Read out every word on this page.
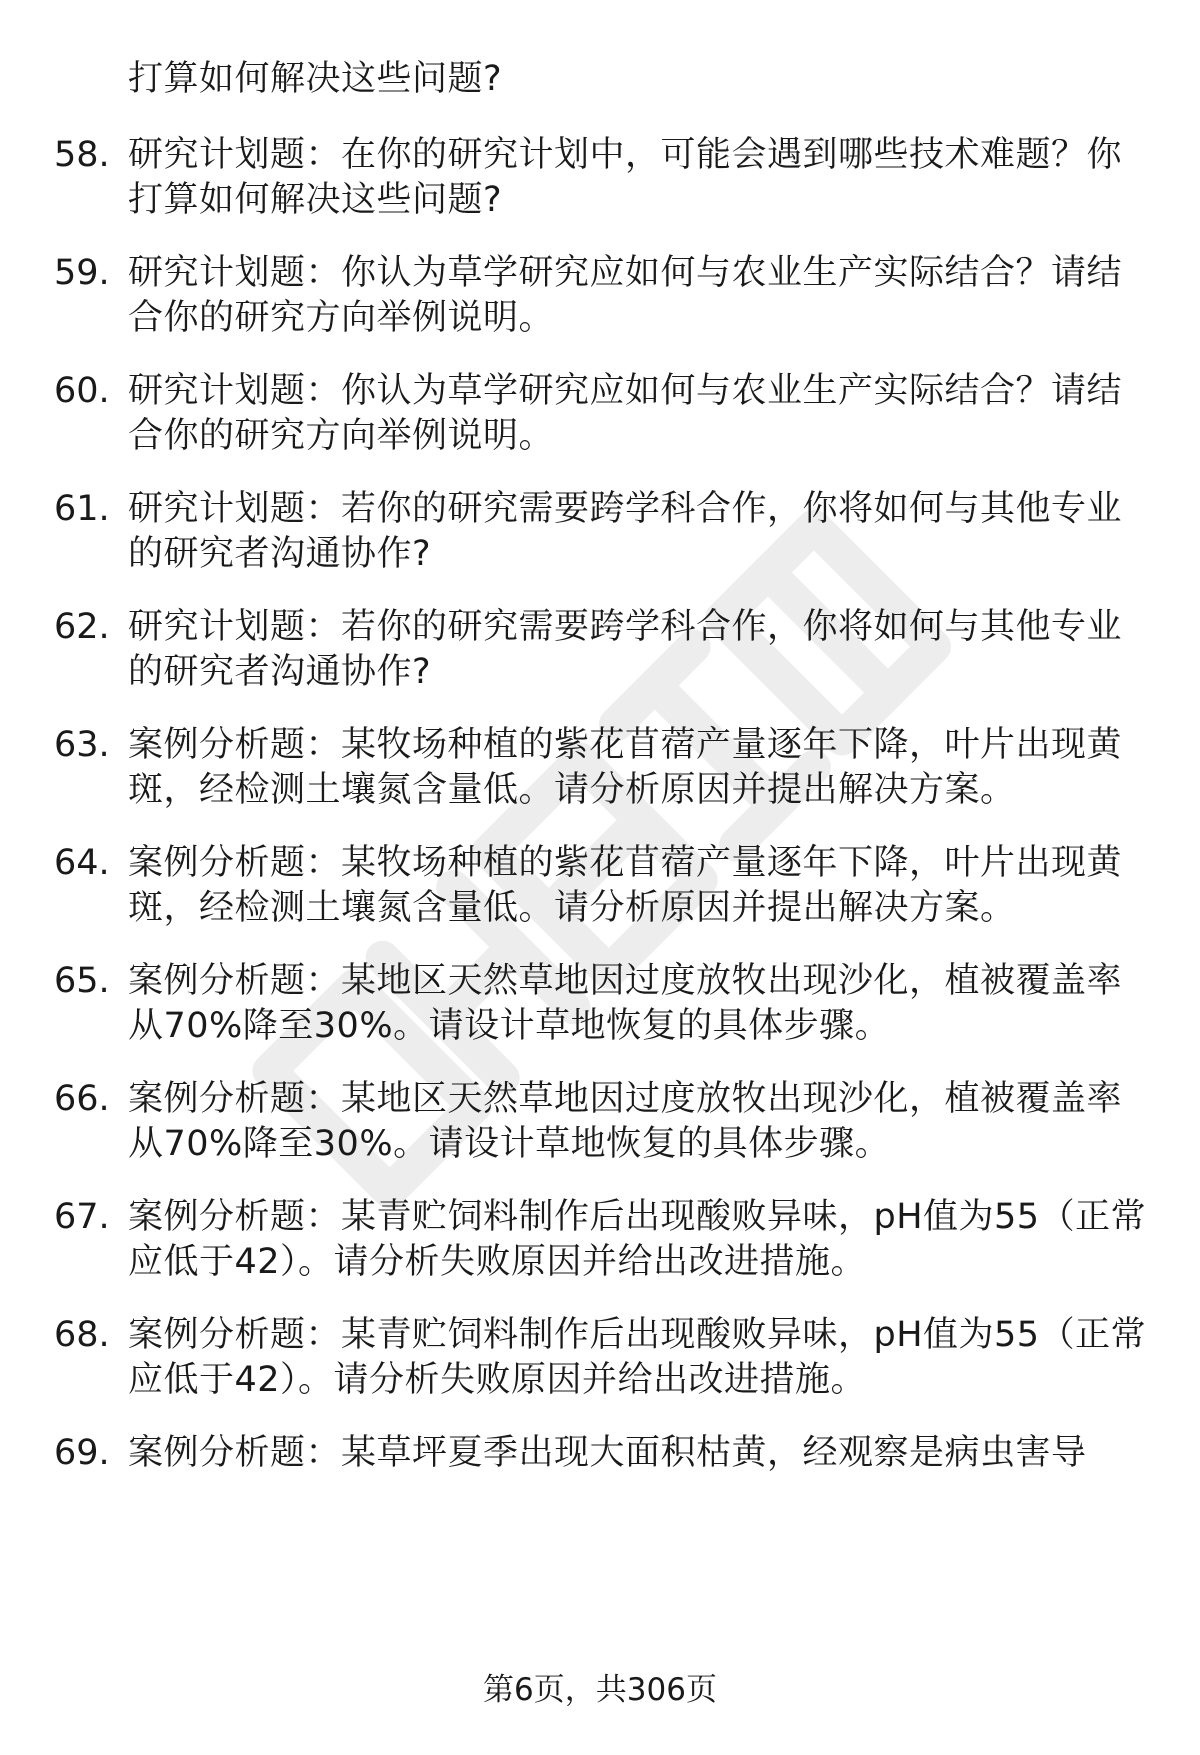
打算如何解决这些问题?
58. 研究计划题：在你的研究计划中，可能会遇到哪些技术难题？你
打算如何解决这些问题?
59. 研究计划题：你认为草学研究应如何与农业生产实际结合？请结
合你的研究方向举例说明。
60. 研究计划题：你认为草学研究应如何与农业生产实际结合？请结
合你的研究方向举例说明。
61. 研究计划题：若你的研究需要跨学科合作，你将如何与其他专业
的研究者沟通协作?
62. 研究计划题：若你的研究需要跨学科合作，你将如何与其他专业
的研究者沟通协作?
63. 案例分析题：某牧场种植的紫花苜蓿产量逐年下降，叶片出现黄
斑，经检测土壤氮含量低。请分析原因并提出解决方案。
64. 案例分析题：某牧场种植的紫花苜蓿产量逐年下降，叶片出现黄
斑，经检测土壤氮含量低。请分析原因并提出解决方案。
65. 案例分析题：某地区天然草地因过度放牧出现沙化，植被覆盖率
从70%降至30%。请设计草地恢复的具体步骤。
66. 案例分析题：某地区天然草地因过度放牧出现沙化，植被覆盖率
从70%降至30%。请设计草地恢复的具体步骤。
67. 案例分析题：某青贮饲料制作后出现酸败异味，pH值为55（正常
应低于42）。请分析失败原因并给出改进措施。
68. 案例分析题：某青贮饲料制作后出现酸败异味，pH值为55（正常
应低于42）。请分析失败原因并给出改进措施。
69. 案例分析题：某草坪夏季出现大面积枯黄，经观察是病虫害导
第6页，共306页
